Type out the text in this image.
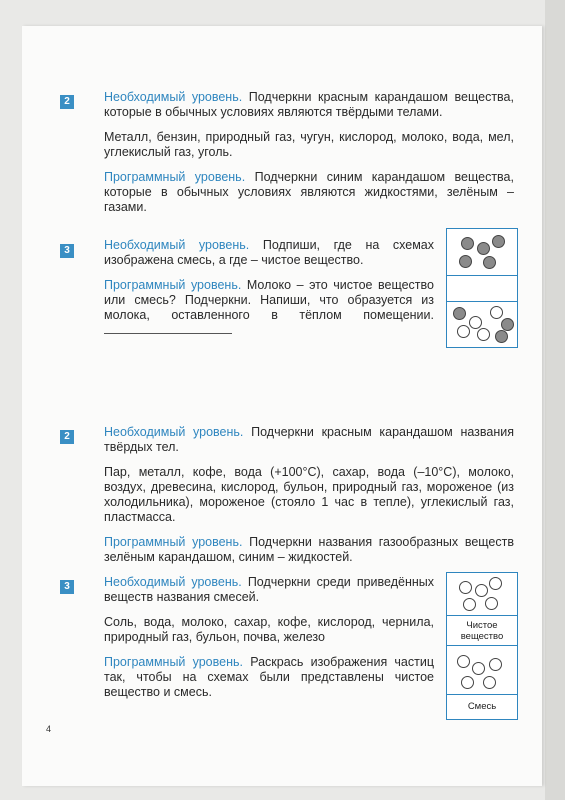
2	Необходимый уровень. Подчеркни красным карандашом вещества, которые в обычных условиях являются твёрдыми телами.

Металл, бензин, природный газ, чугун, кислород, молоко, вода, мел, углекислый газ, уголь.

Программный уровень. Подчеркни синим карандашом вещества, которые в обычных условиях являются жидкостями, зелёным – газами.

3	Необходимый уровень. Подпиши, где на схемах изображена смесь, а где – чистое вещество.

Программный уровень. Молоко – это чистое вещество или смесь? Подчеркни. Напиши, что образуется из молока, оставленного в тёплом помещении.

2	Необходимый уровень. Подчеркни красным карандашом названия твёрдых тел.

Пар, металл, кофе, вода (+100°С), сахар, вода (–10°С), молоко, воздух, древесина, кислород, бульон, природный газ, мороженое (из холодильника), мороженое (стояло 1 час в тепле), углекислый газ, пластмасса.

Программный уровень. Подчеркни названия газообразных веществ зелёным карандашом, синим – жидкостей.

3	Необходимый уровень. Подчеркни среди приведённых веществ названия смесей.

Соль, вода, молоко, сахар, кофе, кислород, чернила, природный газ, бульон, почва, железо

Программный уровень. Раскрась изображения частиц так, чтобы на схемах были представлены чистое вещество и смесь.

Чистое вещество
Смесь
4
